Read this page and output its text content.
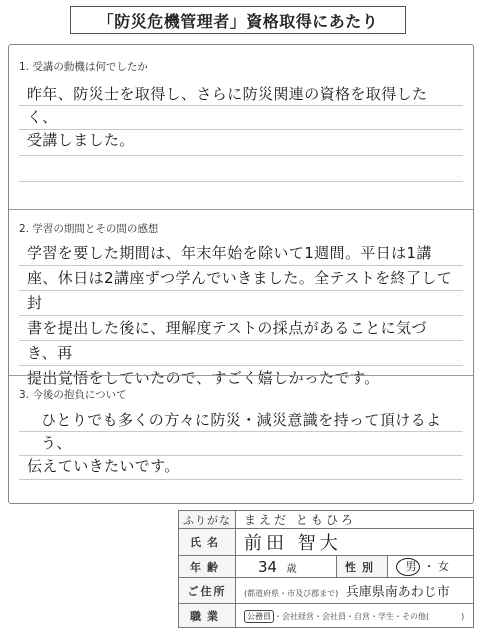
「防災危機管理者」資格取得にあたり
1. 受講の動機は何でしたか
昨年、防災士を取得し、さらに防災関連の資格を取得したく、
受講しました。
2. 学習の期間とその間の感想
学習を要した期間は、年末年始を除いて1週間。平日は1講
座、休日は2講座ずつ学んでいきました。全テストを終了して封
書を提出した後に、理解度テストの採点があることに気づき、再
提出覚悟をしていたので、すごく嬉しかったです。
3. 今後の抱負について
ひとりでも多くの方々に防災・減災意識を持って頂けるよう、
伝えていきたいです。
ふりがな	まえだ ともひろ		
氏名	前田 智大		
年齢	34 歳	性別	男 ・ 女
ご住所	(都道府県・市及び郡まで) 兵庫県南あわじ市		
職業	公務員 ・会社経営・会社員・自営・学生・その他( )		
